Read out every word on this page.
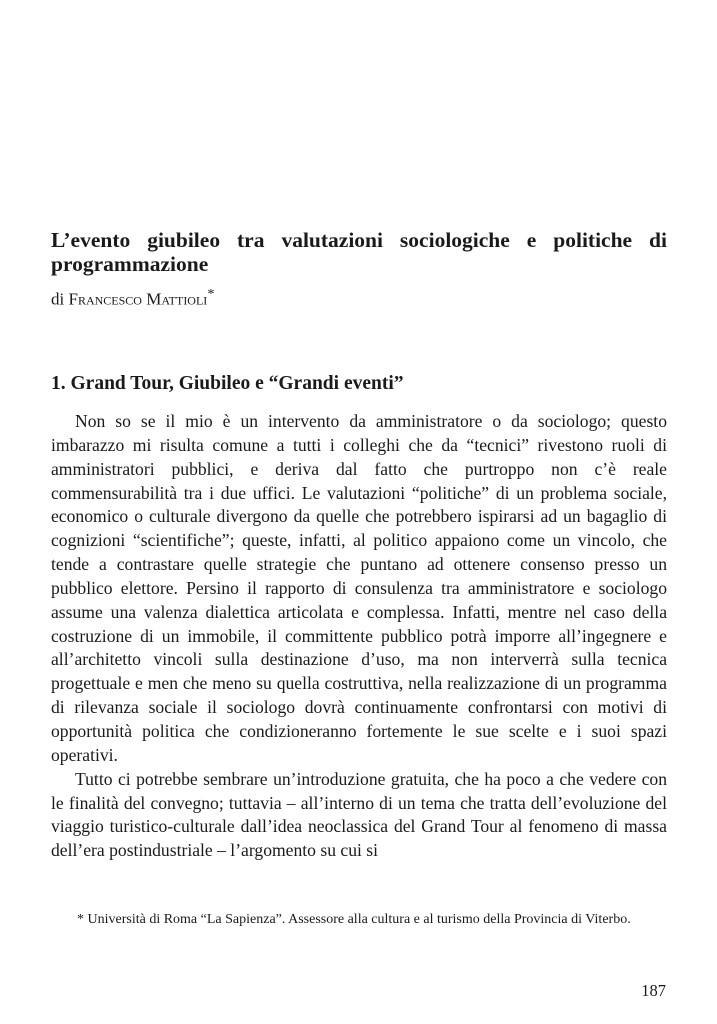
L’evento giubileo tra valutazioni sociologiche e politiche di programmazione
di Francesco Mattioli*
1. Grand Tour, Giubileo e “Grandi eventi”

Non so se il mio è un intervento da amministratore o da sociologo; questo imbarazzo mi risulta comune a tutti i colleghi che da “tecnici” rivestono ruoli di amministratori pubblici, e deriva dal fatto che purtroppo non c’è reale commensurabilità tra i due uffici. Le valutazioni “politiche” di un problema sociale, economico o culturale divergono da quelle che potrebbero ispirarsi ad un bagaglio di cognizioni “scientifiche”; queste, infatti, al politico appaiono come un vincolo, che tende a contrastare quelle strategie che puntano ad ottenere consenso presso un pubblico elettore. Persino il rapporto di consulenza tra amministratore e sociologo assume una valenza dialettica articolata e complessa. Infatti, mentre nel caso della costruzione di un immobile, il committente pubblico potrà imporre all’ingegnere e all’architetto vincoli sulla destinazione d’uso, ma non interverrà sulla tecnica progettuale e men che meno su quella costruttiva, nella realizzazione di un programma di rilevanza sociale il sociologo dovrà continuamente confrontarsi con motivi di opportunità politica che condizioneranno fortemente le sue scelte e i suoi spazi operativi.

Tutto ci potrebbe sembrare un’introduzione gratuita, che ha poco a che vedere con le finalità del convegno; tuttavia – all’interno di un tema che tratta dell’evoluzione del viaggio turistico-culturale dall’idea neoclassica del Grand Tour al fenomeno di massa dell’era postindustriale – l’argomento su cui si

* Università di Roma “La Sapienza”. Assessore alla cultura e al turismo della Provincia di Viterbo.
187
